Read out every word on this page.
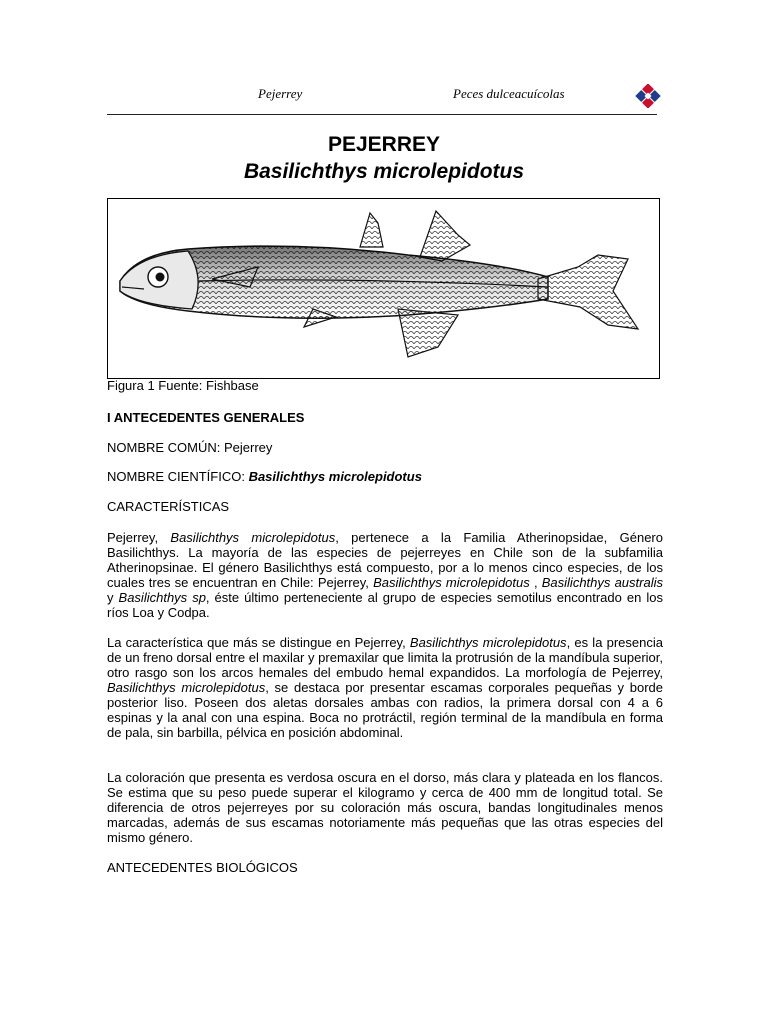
Pejerrey	Peces dulceacuícolas
PEJERREY
Basilichthys microlepidotus
Figura 1 Fuente: Fishbase
I ANTECEDENTES GENERALES
NOMBRE COMÚN: Pejerrey
NOMBRE CIENTÍFICO: Basilichthys microlepidotus
CARACTERÍSTICAS
Pejerrey, Basilichthys microlepidotus, pertenece a la Familia Atherinopsidae, Género Basilichthys. La mayoría de las especies de pejerreyes en Chile son de la subfamilia Atherinopsinae. El género Basilichthys está compuesto, por a lo menos cinco especies, de los cuales tres se encuentran en Chile: Pejerrey, Basilichthys microlepidotus , Basilichthys australis y Basilichthys sp, éste último perteneciente al grupo de especies semotilus encontrado en los ríos Loa y Codpa.
La característica que más se distingue en Pejerrey, Basilichthys microlepidotus, es la presencia de un freno dorsal entre el maxilar y premaxilar que limita la protrusión de la mandíbula superior, otro rasgo son los arcos hemales del embudo hemal expandidos. La morfología de Pejerrey, Basilichthys microlepidotus, se destaca por presentar escamas corporales pequeñas y borde posterior liso. Poseen dos aletas dorsales ambas con radios, la primera dorsal con 4 a 6 espinas y la anal con una espina. Boca no protráctil, región terminal de la mandíbula en forma de pala, sin barbilla, pélvica en posición abdominal.
La coloración que presenta es verdosa oscura en el dorso, más clara y plateada en los flancos. Se estima que su peso puede superar el kilogramo y cerca de 400 mm de longitud total. Se diferencia de otros pejerreyes por su coloración más oscura, bandas longitudinales menos marcadas, además de sus escamas notoriamente más pequeñas que las otras especies del mismo género.
ANTECEDENTES BIOLÓGICOS
